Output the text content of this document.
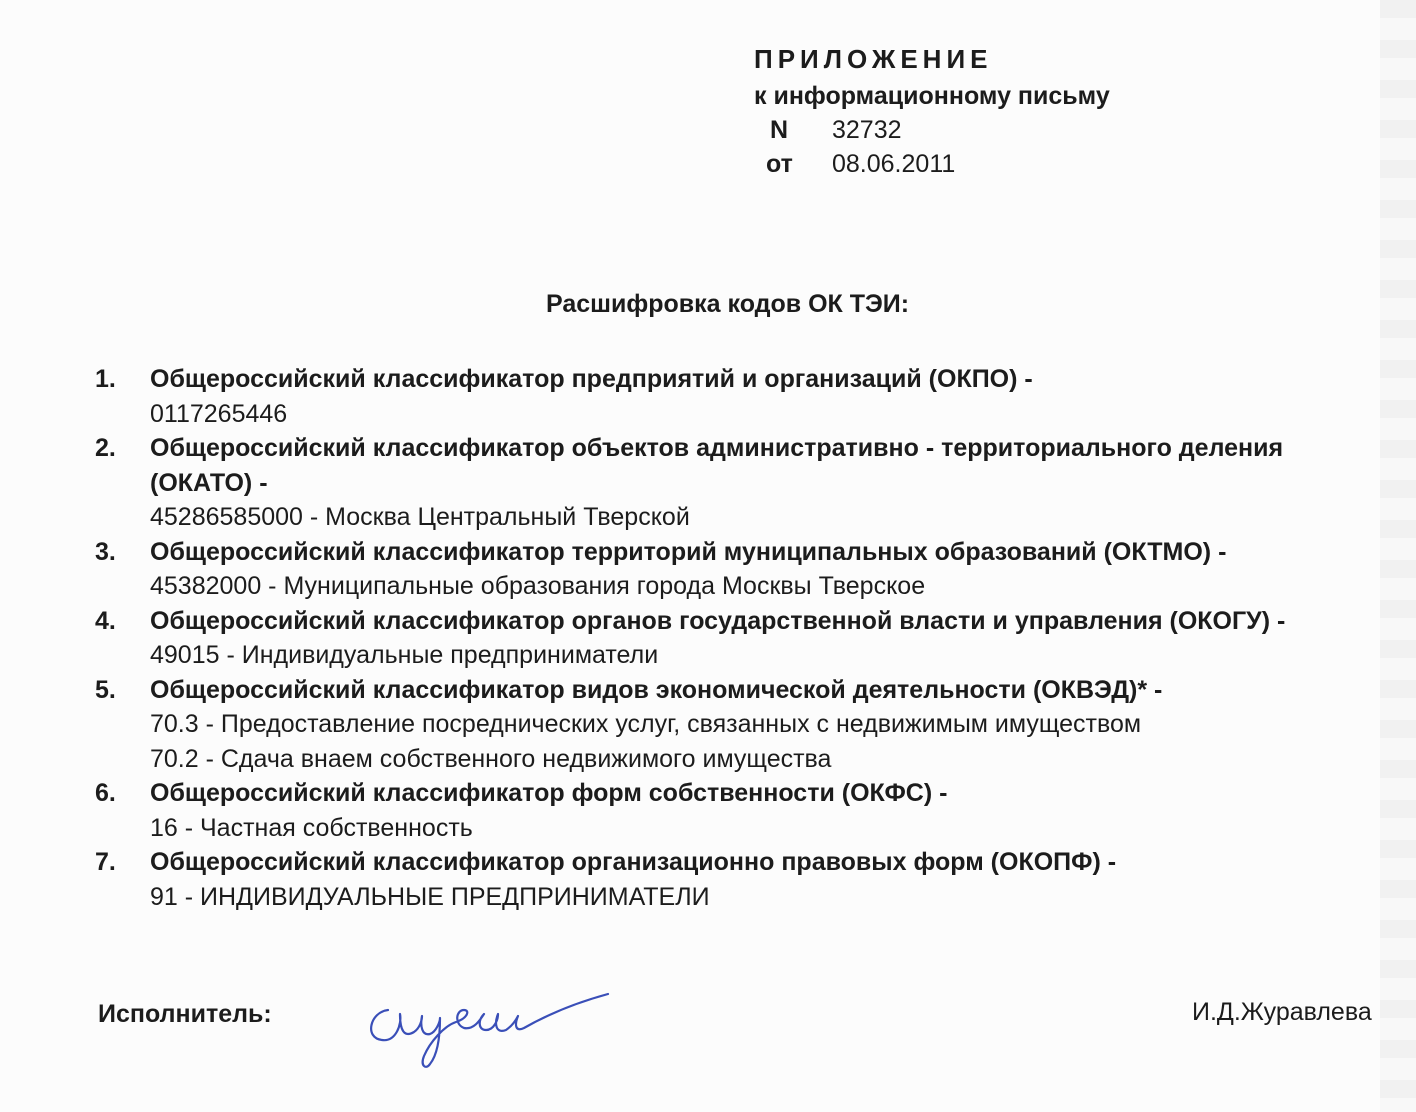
ПРИЛОЖЕНИЕ
к информационному письму
N 32732
от 08.06.2011
Расшифровка кодов ОК ТЭИ:
1. Общероссийский классификатор предприятий и организаций (ОКПО) -
0117265446
2. Общероссийский классификатор объектов административно - территориального деления (ОКАТО) -
45286585000 - Москва Центральный Тверской
3. Общероссийский классификатор территорий муниципальных образований (ОКТМО) -
45382000 - Муниципальные образования города Москвы Тверское
4. Общероссийский классификатор органов государственной власти и управления (ОКОГУ) -
49015 - Индивидуальные предприниматели
5. Общероссийский классификатор видов экономической деятельности (ОКВЭД)* -
70.3 - Предоставление посреднических услуг, связанных с недвижимым имуществом
70.2 - Сдача внаем собственного недвижимого имущества
6. Общероссийский классификатор форм собственности (ОКФС) -
16 - Частная собственность
7. Общероссийский классификатор организационно правовых форм (ОКОПФ) -
91 - ИНДИВИДУАЛЬНЫЕ ПРЕДПРИНИМАТЕЛИ
Исполнитель:	И.Д.Журавлева
